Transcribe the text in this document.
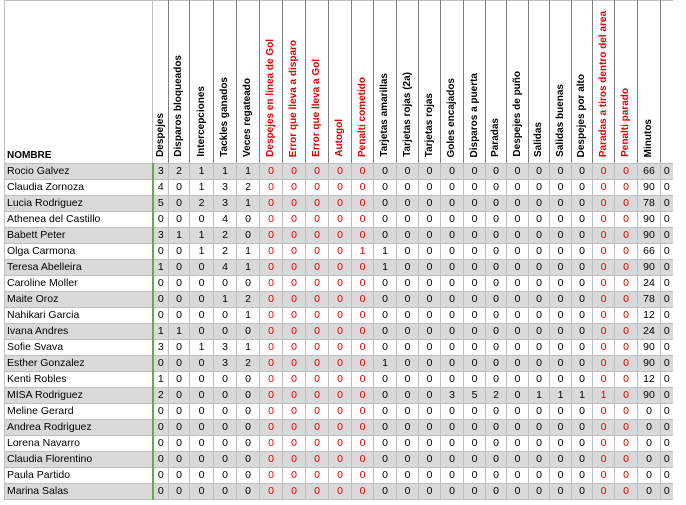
NOMBRE	Despejes	Disparos bloqueados	Intercepciones	Tackles ganados	Veces regateado	Despejes en linea de Gol	Error que lleva a disparo	Error que lleva a Gol	Autogol	Penalti cometido	Tarjetas amarillas	Tarjetas rojas (2a)	Tarjetas rojas	Goles encajados	Disparos a puerta	Paradas	Despejes de puño	Salidas	Salidas buenas	Despejes por alto	Paradas a tiros dentro del area	Penalti parado	Minutos	
Rocio Galvez	3	2	1	1	1	0	0	0	0	0	0	0	0	0	0	0	0	0	0	0	0	0	66	0
Claudia Zornoza	4	0	1	3	2	0	0	0	0	0	0	0	0	0	0	0	0	0	0	0	0	0	90	0
Lucia Rodriguez	5	0	2	3	1	0	0	0	0	0	0	0	0	0	0	0	0	0	0	0	0	0	78	0
Athenea del Castillo	0	0	0	4	0	0	0	0	0	0	0	0	0	0	0	0	0	0	0	0	0	0	90	0
Babett Peter	3	1	1	2	0	0	0	0	0	0	0	0	0	0	0	0	0	0	0	0	0	0	90	0
Olga Carmona	0	0	1	2	1	0	0	0	0	1	1	0	0	0	0	0	0	0	0	0	0	0	66	0
Teresa Abelleira	1	0	0	4	1	0	0	0	0	0	1	0	0	0	0	0	0	0	0	0	0	0	90	0
Caroline Moller	0	0	0	0	0	0	0	0	0	0	0	0	0	0	0	0	0	0	0	0	0	0	24	0
Maite Oroz	0	0	0	1	2	0	0	0	0	0	0	0	0	0	0	0	0	0	0	0	0	0	78	0
Nahikari Garcia	0	0	0	0	1	0	0	0	0	0	0	0	0	0	0	0	0	0	0	0	0	0	12	0
Ivana Andres	1	1	0	0	0	0	0	0	0	0	0	0	0	0	0	0	0	0	0	0	0	0	24	0
Sofie Svava	3	0	1	3	1	0	0	0	0	0	0	0	0	0	0	0	0	0	0	0	0	0	90	0
Esther Gonzalez	0	0	0	3	2	0	0	0	0	0	1	0	0	0	0	0	0	0	0	0	0	0	90	0
Kenti Robles	1	0	0	0	0	0	0	0	0	0	0	0	0	0	0	0	0	0	0	0	0	0	12	0
MISA Rodriguez	2	0	0	0	0	0	0	0	0	0	0	0	0	3	5	2	0	1	1	1	1	0	90	0
Meline Gerard	0	0	0	0	0	0	0	0	0	0	0	0	0	0	0	0	0	0	0	0	0	0	0	0
Andrea Rodriguez	0	0	0	0	0	0	0	0	0	0	0	0	0	0	0	0	0	0	0	0	0	0	0	0
Lorena Navarro	0	0	0	0	0	0	0	0	0	0	0	0	0	0	0	0	0	0	0	0	0	0	0	0
Claudia Florentino	0	0	0	0	0	0	0	0	0	0	0	0	0	0	0	0	0	0	0	0	0	0	0	0
Paula Partido	0	0	0	0	0	0	0	0	0	0	0	0	0	0	0	0	0	0	0	0	0	0	0	0
Marina Salas	0	0	0	0	0	0	0	0	0	0	0	0	0	0	0	0	0	0	0	0	0	0	0	0
